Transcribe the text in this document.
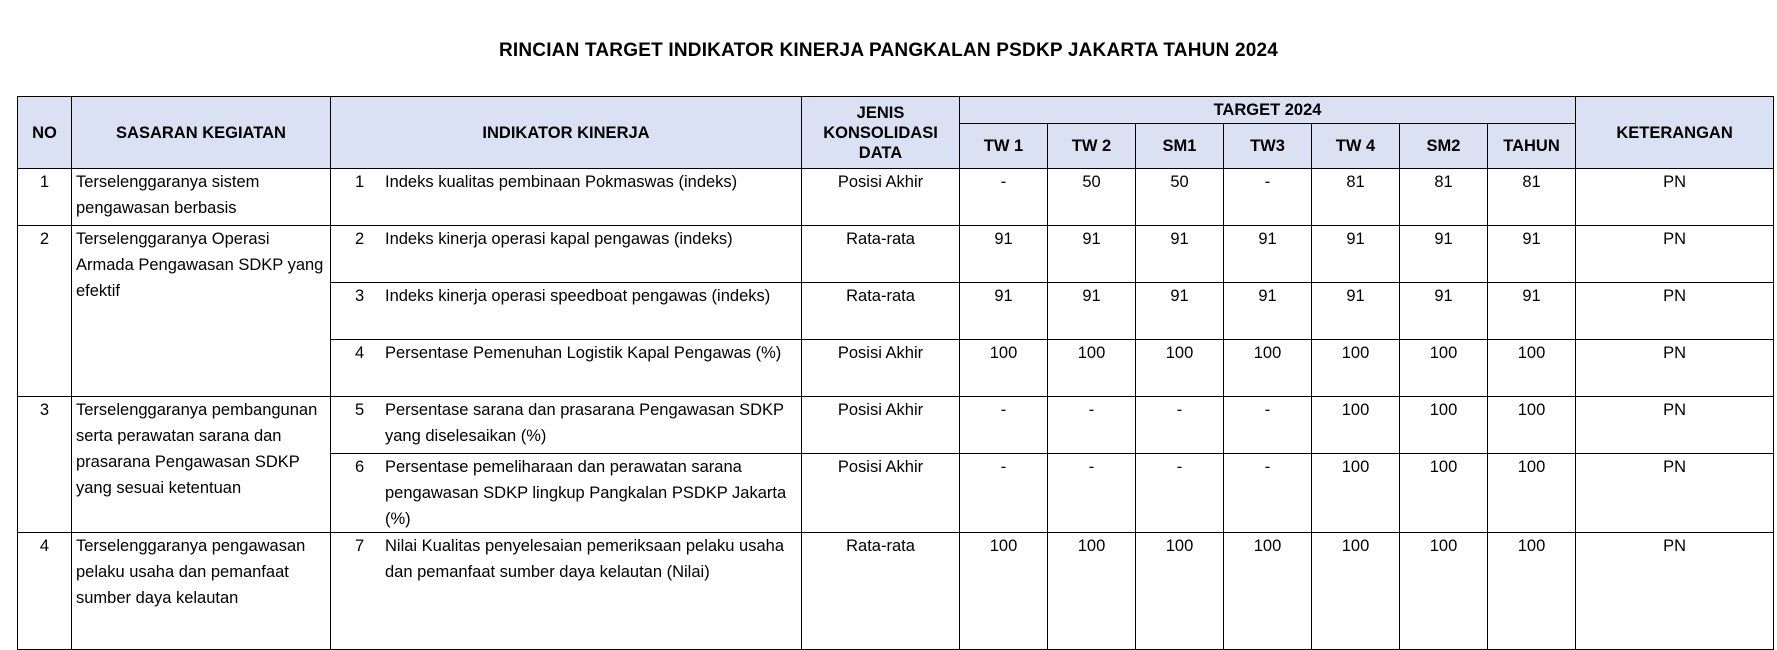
RINCIAN TARGET INDIKATOR KINERJA PANGKALAN PSDKP JAKARTA TAHUN 2024
NO	SASARAN KEGIATAN	INDIKATOR KINERJA	JENIS
KONSOLIDASI
DATA	TARGET 2024							KETERANGAN
				TW 1	TW 2	SM1	TW3	TW 4	SM2	TAHUN	
1	Terselenggaranya sistem pengawasan berbasis	1 Indeks kualitas pembinaan Pokmaswas (indeks)	Posisi Akhir	-	50	50	-	81	81	81	PN
2	Terselenggaranya Operasi Armada Pengawasan SDKP yang efektif	2 Indeks kinerja operasi kapal pengawas (indeks)	Rata-rata	91	91	91	91	91	91	91	PN
		3 Indeks kinerja operasi speedboat pengawas (indeks)	Rata-rata	91	91	91	91	91	91	91	PN
		4 Persentase Pemenuhan Logistik Kapal Pengawas (%)	Posisi Akhir	100	100	100	100	100	100	100	PN
3	Terselenggaranya pembangunan serta perawatan sarana dan prasarana Pengawasan SDKP yang sesuai ketentuan	5 Persentase sarana dan prasarana Pengawasan SDKP yang diselesaikan (%)	Posisi Akhir	-	-	-	-	100	100	100	PN
		6 Persentase pemeliharaan dan perawatan sarana pengawasan SDKP lingkup Pangkalan PSDKP Jakarta (%)	Posisi Akhir	-	-	-	-	100	100	100	PN
4	Terselenggaranya pengawasan pelaku usaha dan pemanfaat sumber daya kelautan	7 Nilai Kualitas penyelesaian pemeriksaan pelaku usaha dan pemanfaat sumber daya kelautan (Nilai)	Rata-rata	100	100	100	100	100	100	100	PN
